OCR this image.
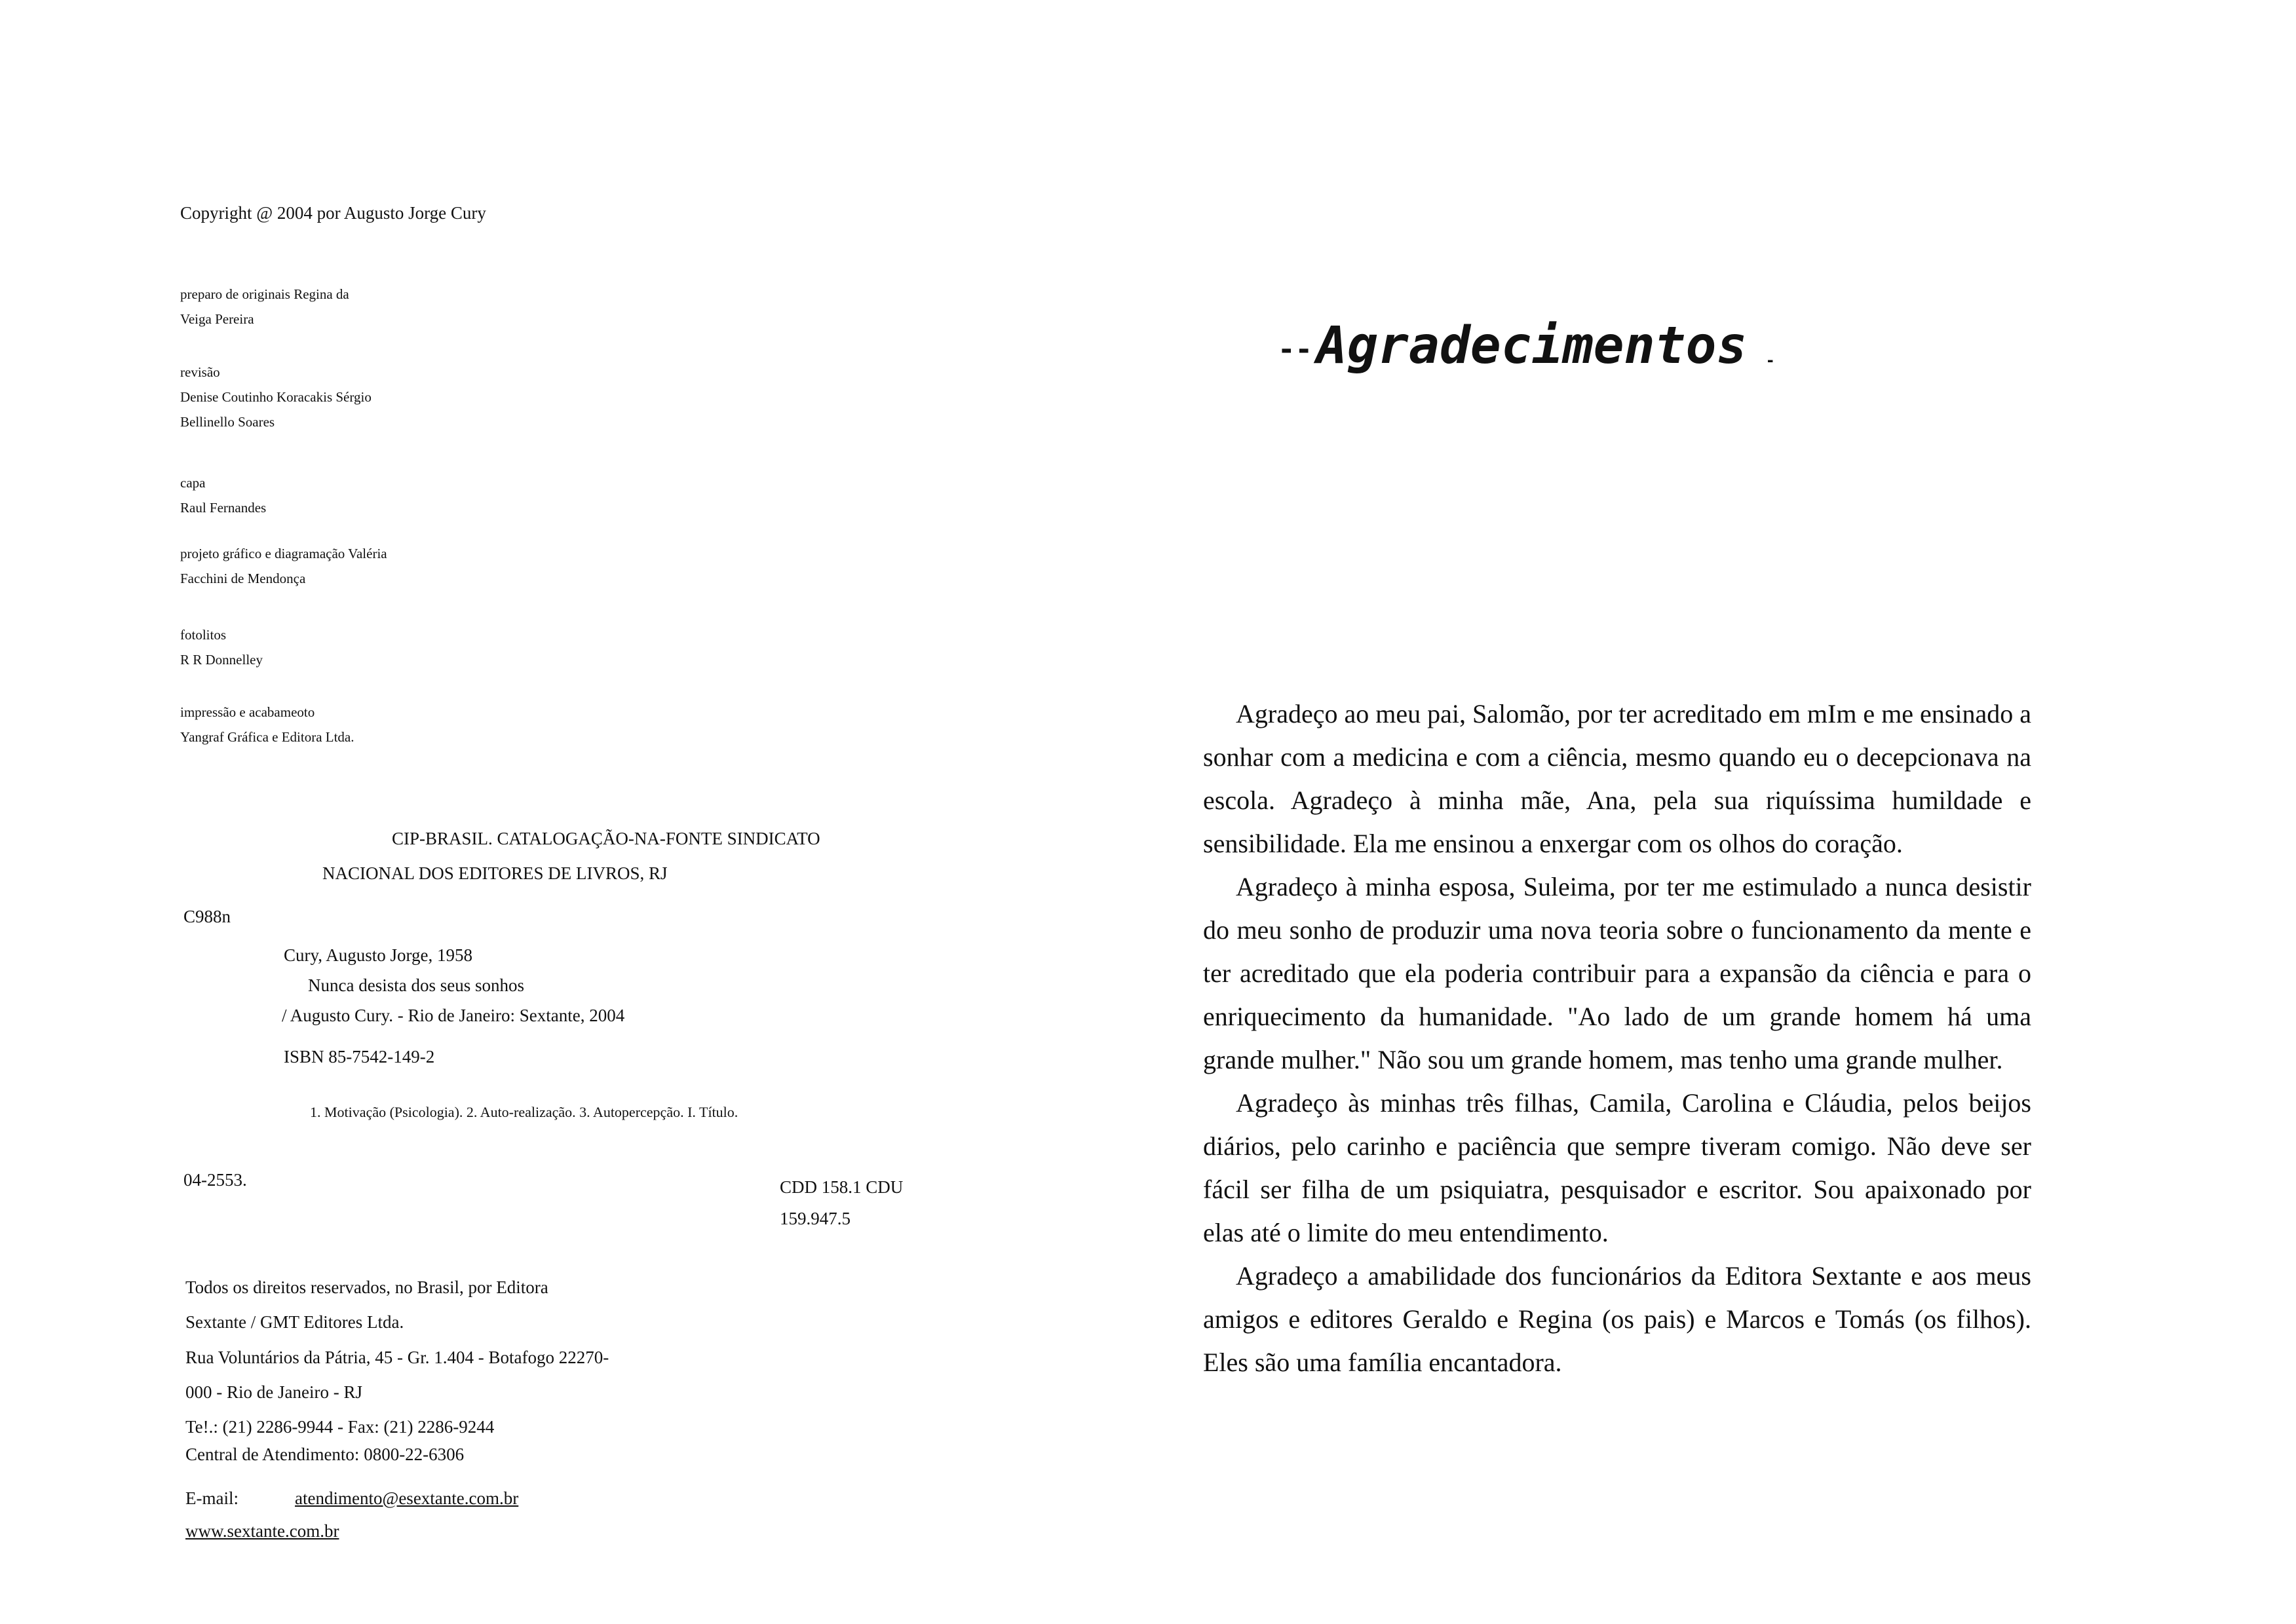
Copyright @ 2004 por Augusto Jorge Cury
preparo de originais Regina da
Veiga Pereira
revisão
Denise Coutinho Koracakis Sérgio
Bellinello Soares
capa
Raul Fernandes
projeto gráfico e diagramação Valéria
Facchini de Mendonça
fotolitos
R R Donnelley
impressão e acabameoto
Yangraf Gráfica e Editora Ltda.
CIP-BRASIL. CATALOGAÇÃO-NA-FONTE SINDICATO
NACIONAL DOS EDITORES DE LIVROS, RJ
C988n
Cury, Augusto Jorge, 1958
Nunca desista dos seus sonhos
/ Augusto Cury. - Rio de Janeiro: Sextante, 2004
ISBN 85-7542-149-2
1. Motivação (Psicologia). 2. Auto-realização. 3. Autopercepção. I. Título.
04-2553.	CDD 158.1 CDU
159.947.5
Todos os direitos reservados, no Brasil, por Editora
Sextante / GMT Editores Ltda.
Rua Voluntários da Pátria, 45 - Gr. 1.404 - Botafogo 22270-
000 - Rio de Janeiro - RJ
Te!.: (21) 2286-9944 - Fax: (21) 2286-9244
Central de Atendimento: 0800-22-6306
E-mail:	atendimento@esextante.com.br
www.sextante.com.br
--Agradecimentos -

Agradeço ao meu pai, Salomão, por ter acreditado em mIm e me ensinado a sonhar com a medicina e com a ciência, mesmo quando eu o decepcionava na escola. Agradeço à minha mãe, Ana, pela sua riquíssima humildade e sensibilidade. Ela me ensinou a enxergar com os olhos do coração.

Agradeço à minha esposa, Suleima, por ter me estimulado a nunca desistir do meu sonho de produzir uma nova teoria sobre o funcionamento da mente e ter acreditado que ela poderia contribuir para a expansão da ciência e para o enriquecimento da humanidade. "Ao lado de um grande homem há uma grande mulher." Não sou um grande homem, mas tenho uma grande mulher.

Agradeço às minhas três filhas, Camila, Carolina e Cláudia, pelos beijos diários, pelo carinho e paciência que sempre tiveram comigo. Não deve ser fácil ser filha de um psiquiatra, pesquisador e escritor. Sou apaixonado por elas até o limite do meu entendimento.

Agradeço a amabilidade dos funcionários da Editora Sextante e aos meus amigos e editores Geraldo e Regina (os pais) e Marcos e Tomás (os filhos). Eles são uma família encantadora.
